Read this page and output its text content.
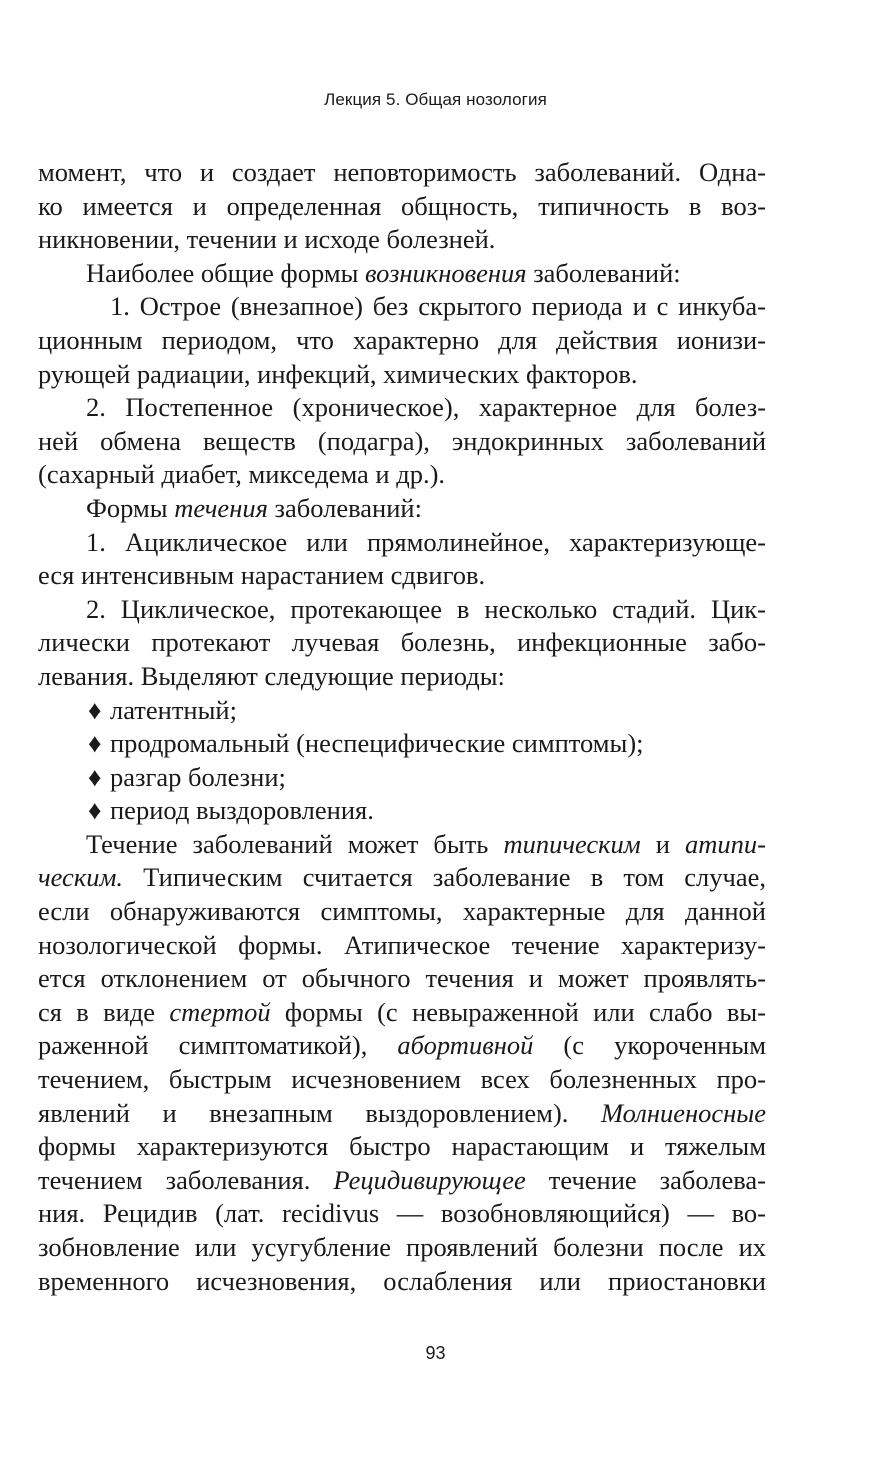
Лекция 5. Общая нозология
момент, что и создает неповторимость заболеваний. Одна-
ко имеется и определенная общность, типичность в воз-
никновении, течении и исходе болезней.
Наиболее общие формы возникновения заболеваний:
1. Острое (внезапное) без скрытого периода и с инкуба-
ционным периодом, что характерно для действия ионизи-
рующей радиации, инфекций, химических факторов.
2. Постепенное (хроническое), характерное для болез-
ней обмена веществ (подагра), эндокринных заболеваний
(сахарный диабет, микседема и др.).
Формы течения заболеваний:
1. Ациклическое или прямолинейное, характеризующе-
еся интенсивным нарастанием сдвигов.
2. Циклическое, протекающее в несколько стадий. Цик-
лически протекают лучевая болезнь, инфекционные забо-
левания. Выделяют следующие периоды:
♦ латентный;
♦ продромальный (неспецифические симптомы);
♦ разгар болезни;
♦ период выздоровления.
Течение заболеваний может быть типическим и атипи-
ческим. Типическим считается заболевание в том случае,
если обнаруживаются симптомы, характерные для данной
нозологической формы. Атипическое течение характеризу-
ется отклонением от обычного течения и может проявлять-
ся в виде стертой формы (с невыраженной или слабо вы-
раженной симптоматикой), абортивной (с укороченным
течением, быстрым исчезновением всех болезненных про-
явлений и внезапным выздоровлением). Молниеносные
формы характеризуются быстро нарастающим и тяжелым
течением заболевания. Рецидивирующее течение заболева-
ния. Рецидив (лат. recidivus — возобновляющийся) — во-
зобновление или усугубление проявлений болезни после их
временного исчезновения, ослабления или приостановки
93
